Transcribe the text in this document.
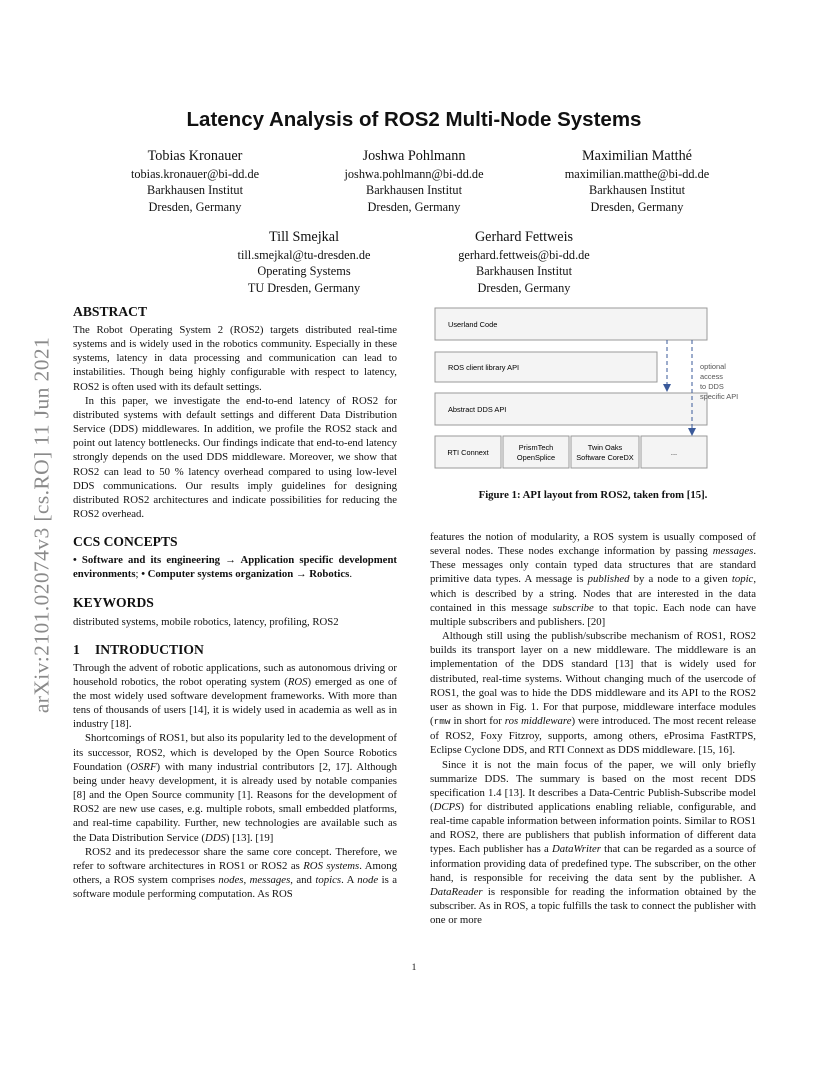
arXiv:2101.02074v3 [cs.RO] 11 Jun 2021
Latency Analysis of ROS2 Multi-Node Systems
Tobias Kronauer
tobias.kronauer@bi-dd.de
Barkhausen Institut
Dresden, Germany
Joshwa Pohlmann
joshwa.pohlmann@bi-dd.de
Barkhausen Institut
Dresden, Germany
Maximilian Matthé
maximilian.matthe@bi-dd.de
Barkhausen Institut
Dresden, Germany
Till Smejkal
till.smejkal@tu-dresden.de
Operating Systems
TU Dresden, Germany
Gerhard Fettweis
gerhard.fettweis@bi-dd.de
Barkhausen Institut
Dresden, Germany
ABSTRACT

The Robot Operating System 2 (ROS2) targets distributed real-time systems and is widely used in the robotics community. Especially in these systems, latency in data processing and communication can lead to instabilities. Though being highly configurable with respect to latency, ROS2 is often used with its default settings.

In this paper, we investigate the end-to-end latency of ROS2 for distributed systems with default settings and different Data Distribution Service (DDS) middlewares. In addition, we profile the ROS2 stack and point out latency bottlenecks. Our findings indicate that end-to-end latency strongly depends on the used DDS middleware. Moreover, we show that ROS2 can lead to 50 % latency overhead compared to using low-level DDS communications. Our results imply guidelines for designing distributed ROS2 architectures and indicate possibilities for reducing the ROS2 overhead.

CCS CONCEPTS

• Software and its engineering → Application specific development environments; • Computer systems organization → Robotics.

KEYWORDS

distributed systems, mobile robotics, latency, profiling, ROS2

1 INTRODUCTION

Through the advent of robotic applications, such as autonomous driving or household robotics, the robot operating system (ROS) emerged as one of the most widely used software development frameworks. With more than tens of thousands of users [14], it is widely used in academia as well as in industry [18].

Shortcomings of ROS1, but also its popularity led to the development of its successor, ROS2, which is developed by the Open Source Robotics Foundation (OSRF) with many industrial contributors [2, 17]. Although being under heavy development, it is already used by notable companies [8] and the Open Source community [1]. Reasons for the development of ROS2 are new use cases, e.g. multiple robots, small embedded platforms, and real-time capability. Further, new technologies are available such as the Data Distribution Service (DDS) [13]. [19]

ROS2 and its predecessor share the same core concept. Therefore, we refer to software architectures in ROS1 or ROS2 as ROS systems. Among others, a ROS system comprises nodes, messages, and topics. A node is a software module performing computation. As ROS

Userland Code
ROS client library API
Abstract DDS API
RTI Connext
PrismTech
OpenSplice
Twin Oaks
Software CoreDX
...
optional
access
to DDS
specific API
Figure 1: API layout from ROS2, taken from [15].

features the notion of modularity, a ROS system is usually composed of several nodes. These nodes exchange information by passing messages. These messages only contain typed data structures that are standard primitive data types. A message is published by a node to a given topic, which is described by a string. Nodes that are interested in the data contained in this message subscribe to that topic. Each node can have multiple subscribers and publishers. [20]

Although still using the publish/subscribe mechanism of ROS1, ROS2 builds its transport layer on a new middleware. The middleware is an implementation of the DDS standard [13] that is widely used for distributed, real-time systems. Without changing much of the usercode of ROS1, the goal was to hide the DDS middleware and its API to the ROS2 user as shown in Fig. 1. For that purpose, middleware interface modules (rmw in short for ros middleware) were introduced. The most recent release of ROS2, Foxy Fitzroy, supports, among others, eProsima FastRTPS, Eclipse Cyclone DDS, and RTI Connext as DDS middleware. [15, 16].

Since it is not the main focus of the paper, we will only briefly summarize DDS. The summary is based on the most recent DDS specification 1.4 [13]. It describes a Data-Centric Publish-Subscribe model (DCPS) for distributed applications enabling reliable, configurable, and real-time capable information between information points. Similar to ROS1 and ROS2, there are publishers that publish information of different data types. Each publisher has a DataWriter that can be regarded as a source of information providing data of predefined type. The subscriber, on the other hand, is responsible for receiving the data sent by the publisher. A DataReader is responsible for reading the information obtained by the subscriber. As in ROS, a topic fulfills the task to connect the publisher with one or more

1
